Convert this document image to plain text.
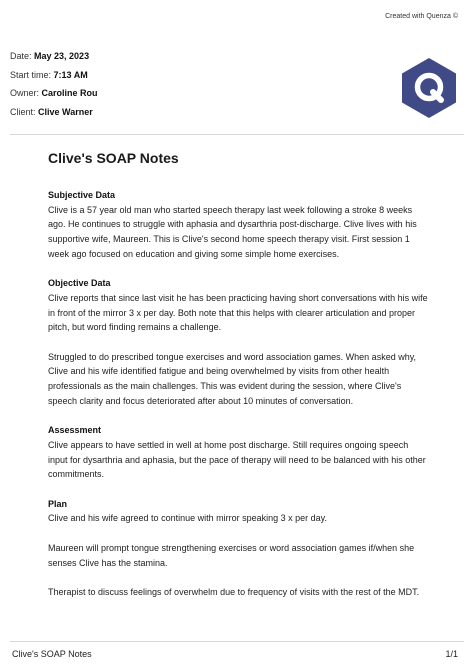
Created with Quenza ©
Date: May 23, 2023
Start time: 7:13 AM
Owner: Caroline Rou
Client: Clive Warner
Clive's SOAP Notes
Subjective Data

Clive is a 57 year old man who started speech therapy last week following a stroke 8 weeks ago. He continues to struggle with aphasia and dysarthria post-discharge. Clive lives with his supportive wife, Maureen. This is Clive's second home speech therapy visit. First session 1 week ago focused on education and giving some simple home exercises.

Objective Data

Clive reports that since last visit he has been practicing having short conversations with his wife in front of the mirror 3 x per day. Both note that this helps with clearer articulation and proper pitch, but word finding remains a challenge.

Struggled to do prescribed tongue exercises and word association games. When asked why, Clive and his wife identified fatigue and being overwhelmed by visits from other health professionals as the main challenges. This was evident during the session, where Clive's speech clarity and focus deteriorated after about 10 minutes of conversation.

Assessment

Clive appears to have settled in well at home post discharge. Still requires ongoing speech input for dysarthria and aphasia, but the pace of therapy will need to be balanced with his other commitments.

Plan

Clive and his wife agreed to continue with mirror speaking 3 x per day.

Maureen will prompt tongue strengthening exercises or word association games if/when she senses Clive has the stamina.

Therapist to discuss feelings of overwhelm due to frequency of visits with the rest of the MDT.

Clive's SOAP Notes	1/1
